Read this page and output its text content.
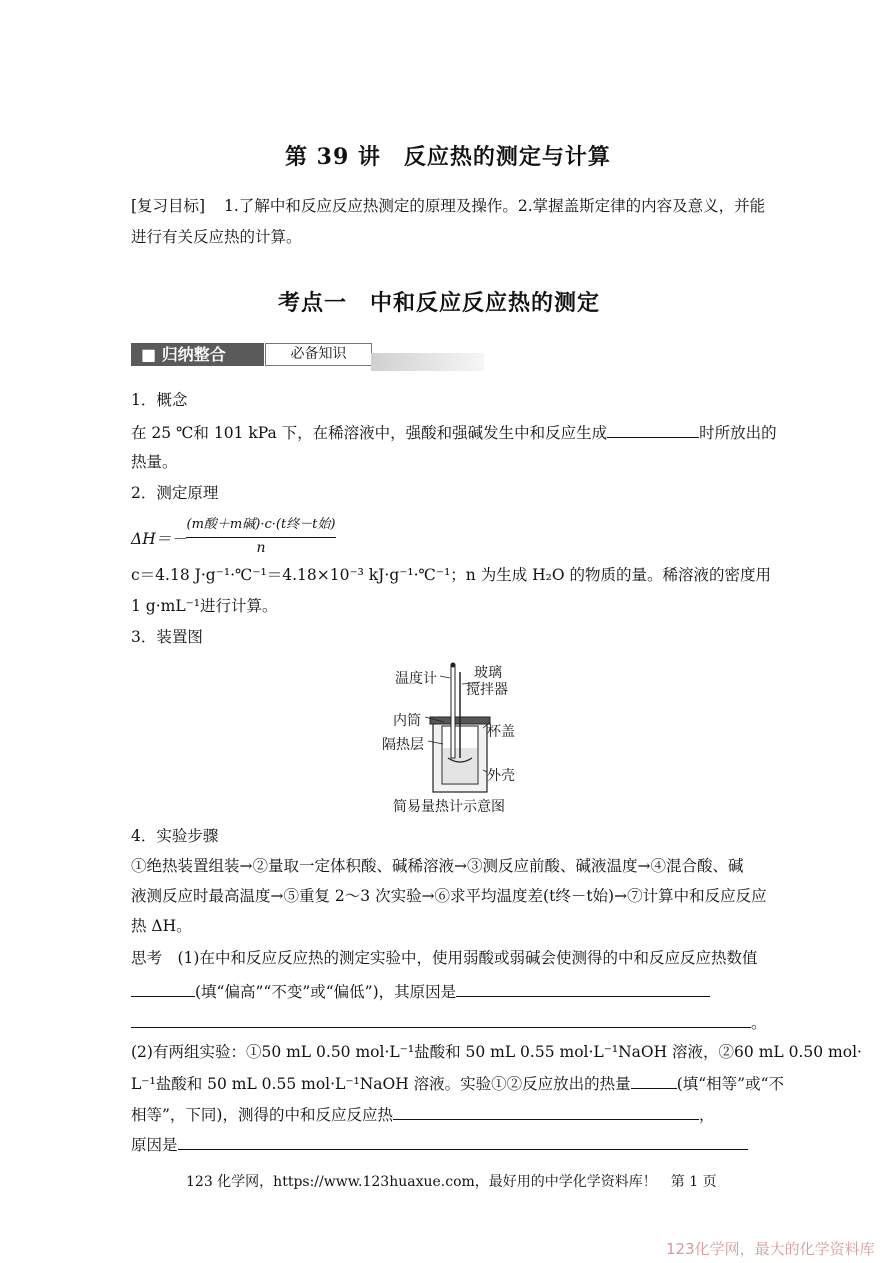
第 39 讲　反应热的测定与计算
[复习目标] 1.了解中和反应反应热测定的原理及操作。2.掌握盖斯定律的内容及意义，并能
进行有关反应热的计算。
考点一　中和反应反应热的测定
■ 归纳整合	必备知识
1．概念
在 25 ℃和 101 kPa 下，在稀溶液中，强酸和强碱发生中和反应生成	时所放出的
热量。
2．测定原理
ΔH＝－
(m酸＋m碱)·c·(t终－t始)
n
c＝4.18 J·g⁻¹·℃⁻¹＝4.18×10⁻³ kJ·g⁻¹·℃⁻¹；n 为生成 H₂O 的物质的量。稀溶液的密度用
1 g·mL⁻¹进行计算。
3．装置图
温度计	玻璃
搅拌器
内筒
杯盖
隔热层
外壳
简易量热计示意图
4．实验步骤
①绝热装置组装→②量取一定体积酸、碱稀溶液→③测反应前酸、碱液温度→④混合酸、碱
液测反应时最高温度→⑤重复 2～3 次实验→⑥求平均温度差(t终－t始)→⑦计算中和反应反应
热 ΔH。
思考　(1)在中和反应反应热的测定实验中，使用弱酸或弱碱会使测得的中和反应反应热数值
(填“偏高”“不变”或“偏低”)，其原因是
。
(2)有两组实验：①50 mL 0.50 mol·L⁻¹盐酸和 50 mL 0.55 mol·L⁻¹NaOH 溶液，②60 mL 0.50 mol·
L⁻¹盐酸和 50 mL 0.55 mol·L⁻¹NaOH 溶液。实验①②反应放出的热量	(填“相等”或“不
相等”，下同)，测得的中和反应反应热	，
原因是
123 化学网，https://www.123huaxue.com，最好用的中学化学资料库！　第 1 页
123化学网，最大的化学资料库
